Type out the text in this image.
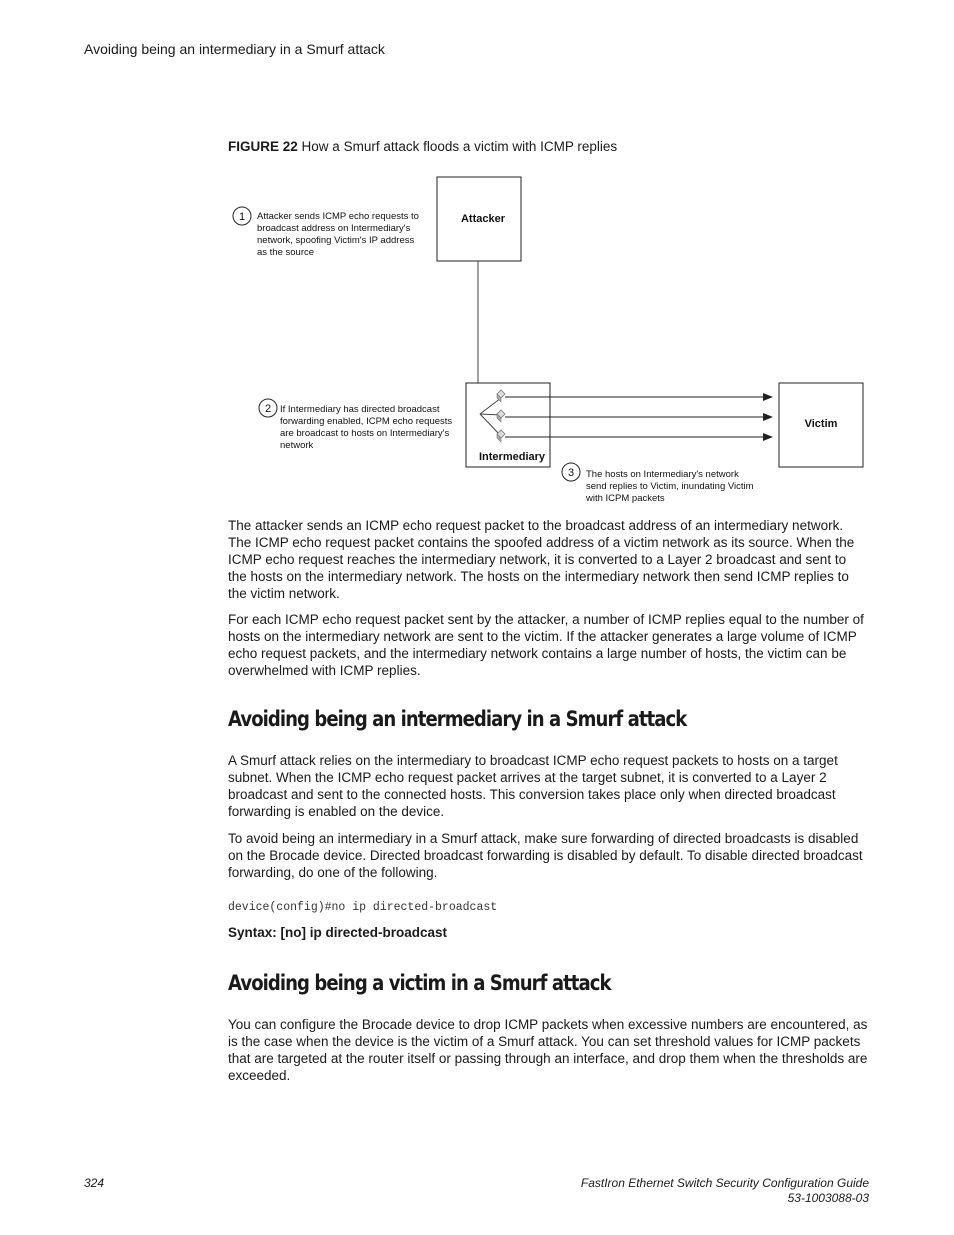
Avoiding being an intermediary in a Smurf attack
FIGURE 22 How a Smurf attack floods a victim with ICMP replies
Attacker
Intermediary
Victim
1 Attacker sends ICMP echo requests to
broadcast address on Intermediary's
network, spoofing Victim's IP address
as the source
2 If Intermediary has directed broadcast
forwarding enabled, ICPM echo requests
are broadcast to hosts on Intermediary's
network
3 The hosts on Intermediary's network
send replies to Victim, inundating Victim
with ICPM packets
The attacker sends an ICMP echo request packet to the broadcast address of an intermediary network. The ICMP echo request packet contains the spoofed address of a victim network as its source. When the ICMP echo request reaches the intermediary network, it is converted to a Layer 2 broadcast and sent to the hosts on the intermediary network. The hosts on the intermediary network then send ICMP replies to the victim network.
For each ICMP echo request packet sent by the attacker, a number of ICMP replies equal to the number of hosts on the intermediary network are sent to the victim. If the attacker generates a large volume of ICMP echo request packets, and the intermediary network contains a large number of hosts, the victim can be overwhelmed with ICMP replies.
Avoiding being an intermediary in a Smurf attack
A Smurf attack relies on the intermediary to broadcast ICMP echo request packets to hosts on a target subnet. When the ICMP echo request packet arrives at the target subnet, it is converted to a Layer 2 broadcast and sent to the connected hosts. This conversion takes place only when directed broadcast forwarding is enabled on the device.
To avoid being an intermediary in a Smurf attack, make sure forwarding of directed broadcasts is disabled on the Brocade device. Directed broadcast forwarding is disabled by default. To disable directed broadcast forwarding, do one of the following.
device(config)#no ip directed-broadcast
Syntax: [no] ip directed-broadcast
Avoiding being a victim in a Smurf attack
You can configure the Brocade device to drop ICMP packets when excessive numbers are encountered, as is the case when the device is the victim of a Smurf attack. You can set threshold values for ICMP packets that are targeted at the router itself or passing through an interface, and drop them when the thresholds are exceeded.
324	FastIron Ethernet Switch Security Configuration Guide
53-1003088-03
